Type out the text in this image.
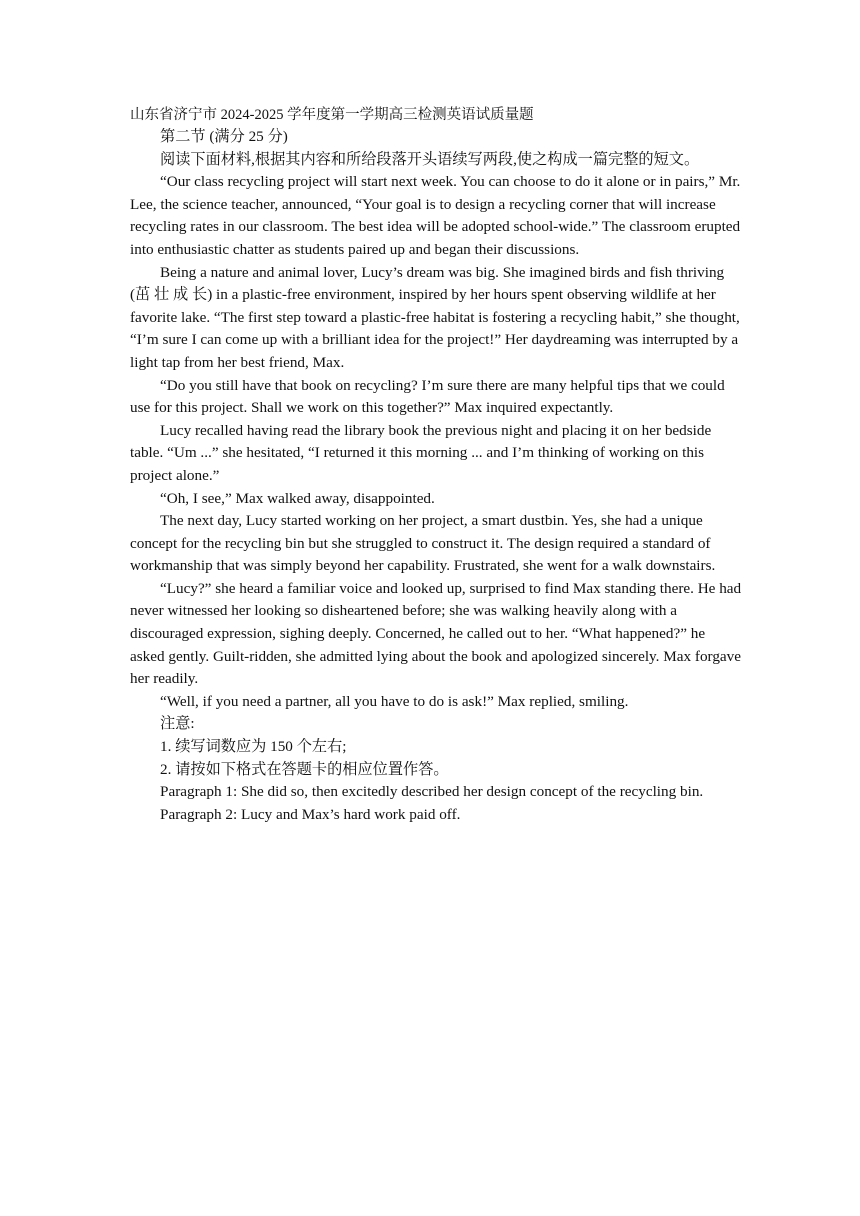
山东省济宁市 2024-2025 学年度第一学期高三检测英语试质量题

第二节 (满分 25 分)

阅读下面材料,根据其内容和所给段落开头语续写两段,使之构成一篇完整的短文。

“Our class recycling project will start next week. You can choose to do it alone or in pairs,” Mr. Lee, the science teacher, announced, “Your goal is to design a recycling corner that will increase recycling rates in our classroom. The best idea will be adopted school-wide.” The classroom erupted into enthusiastic chatter as students paired up and began their discussions.

Being a nature and animal lover, Lucy’s dream was big. She imagined birds and fish thriving (茁 壮 成 长) in a plastic-free environment, inspired by her hours spent observing wildlife at her favorite lake. “The first step toward a plastic-free habitat is fostering a recycling habit,” she thought, “I’m sure I can come up with a brilliant idea for the project!” Her daydreaming was interrupted by a light tap from her best friend, Max.

“Do you still have that book on recycling? I’m sure there are many helpful tips that we could use for this project. Shall we work on this together?” Max inquired expectantly.

Lucy recalled having read the library book the previous night and placing it on her bedside table. “Um ...” she hesitated, “I returned it this morning ... and I’m thinking of working on this project alone.”

“Oh, I see,” Max walked away, disappointed.

The next day, Lucy started working on her project, a smart dustbin. Yes, she had a unique concept for the recycling bin but she struggled to construct it. The design required a standard of workmanship that was simply beyond her capability. Frustrated, she went for a walk downstairs.

“Lucy?” she heard a familiar voice and looked up, surprised to find Max standing there. He had never witnessed her looking so disheartened before; she was walking heavily along with a discouraged expression, sighing deeply. Concerned, he called out to her. “What happened?” he asked gently. Guilt-ridden, she admitted lying about the book and apologized sincerely. Max forgave her readily.

“Well, if you need a partner, all you have to do is ask!” Max replied, smiling.

注意:

1. 续写词数应为 150 个左右;

2. 请按如下格式在答题卡的相应位置作答。

Paragraph 1: She did so, then excitedly described her design concept of the recycling bin.

Paragraph 2: Lucy and Max’s hard work paid off.
